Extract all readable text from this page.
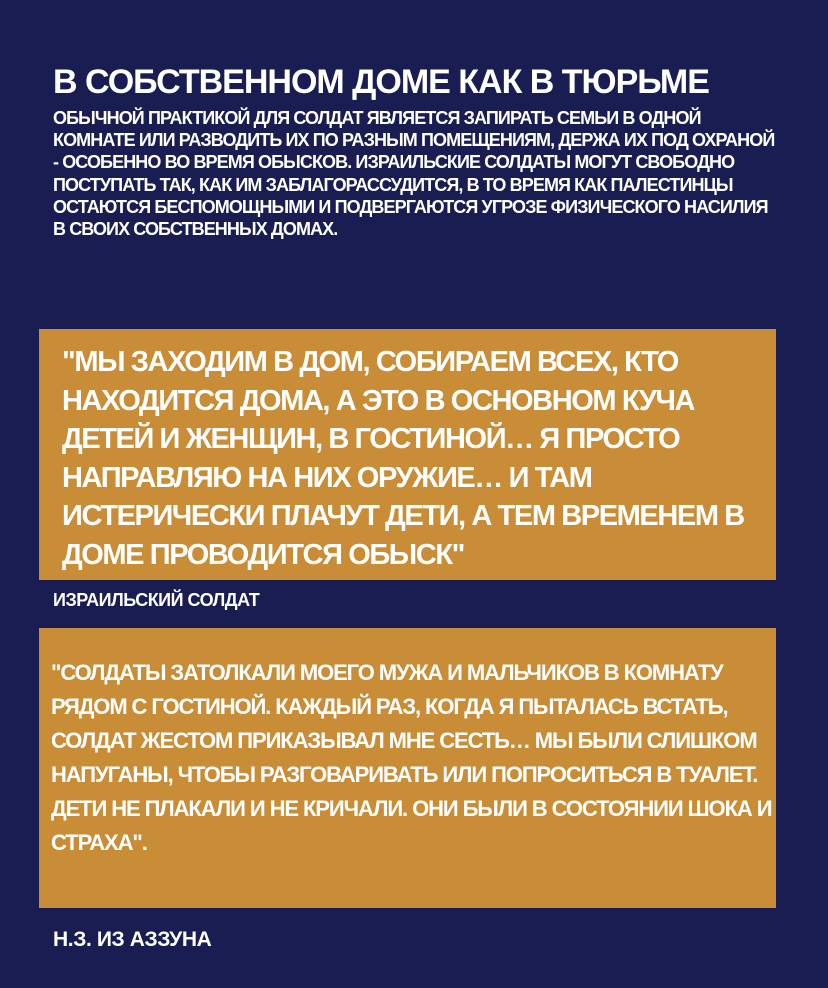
В СОБСТВЕННОМ ДОМЕ КАК В ТЮРЬМЕ
ОБЫЧНОЙ ПРАКТИКОЙ ДЛЯ СОЛДАТ ЯВЛЯЕТСЯ ЗАПИРАТЬ СЕМЬИ В ОДНОЙ КОМНАТЕ ИЛИ РАЗВОДИТЬ ИХ ПО РАЗНЫМ ПОМЕЩЕНИЯМ, ДЕРЖА ИХ ПОД ОХРАНОЙ - ОСОБЕННО ВО ВРЕМЯ ОБЫСКОВ. ИЗРАИЛЬСКИЕ СОЛДАТЫ МОГУТ СВОБОДНО ПОСТУПАТЬ ТАК, КАК ИМ ЗАБЛАГОРАССУДИТСЯ, В ТО ВРЕМЯ КАК ПАЛЕСТИНЦЫ ОСТАЮТСЯ БЕСПОМОЩНЫМИ И ПОДВЕРГАЮТСЯ УГРОЗЕ ФИЗИЧЕСКОГО НАСИЛИЯ В СВОИХ СОБСТВЕННЫХ ДОМАХ.
"МЫ ЗАХОДИМ В ДОМ, СОБИРАЕМ ВСЕХ, КТО НАХОДИТСЯ ДОМА, А ЭТО В ОСНОВНОМ КУЧА ДЕТЕЙ И ЖЕНЩИН, В ГОСТИНОЙ… Я ПРОСТО НАПРАВЛЯЮ НА НИХ ОРУЖИЕ… И ТАМ ИСТЕРИЧЕСКИ ПЛАЧУТ ДЕТИ, А ТЕМ ВРЕМЕНЕМ В ДОМЕ ПРОВОДИТСЯ ОБЫСК"
ИЗРАИЛЬСКИЙ СОЛДАТ
"СОЛДАТЫ ЗАТОЛКАЛИ МОЕГО МУЖА И МАЛЬЧИКОВ В КОМНАТУ РЯДОМ С ГОСТИНОЙ. КАЖДЫЙ РАЗ, КОГДА Я ПЫТАЛАСЬ ВСТАТЬ, СОЛДАТ ЖЕСТОМ ПРИКАЗЫВАЛ МНЕ СЕСТЬ… МЫ БЫЛИ СЛИШКОМ НАПУГАНЫ, ЧТОБЫ РАЗГОВАРИВАТЬ ИЛИ ПОПРОСИТЬСЯ В ТУАЛЕТ. ДЕТИ НЕ ПЛАКАЛИ И НЕ КРИЧАЛИ. ОНИ БЫЛИ В СОСТОЯНИИ ШОКА И СТРАХА".
Н.З. ИЗ АЗЗУНА
